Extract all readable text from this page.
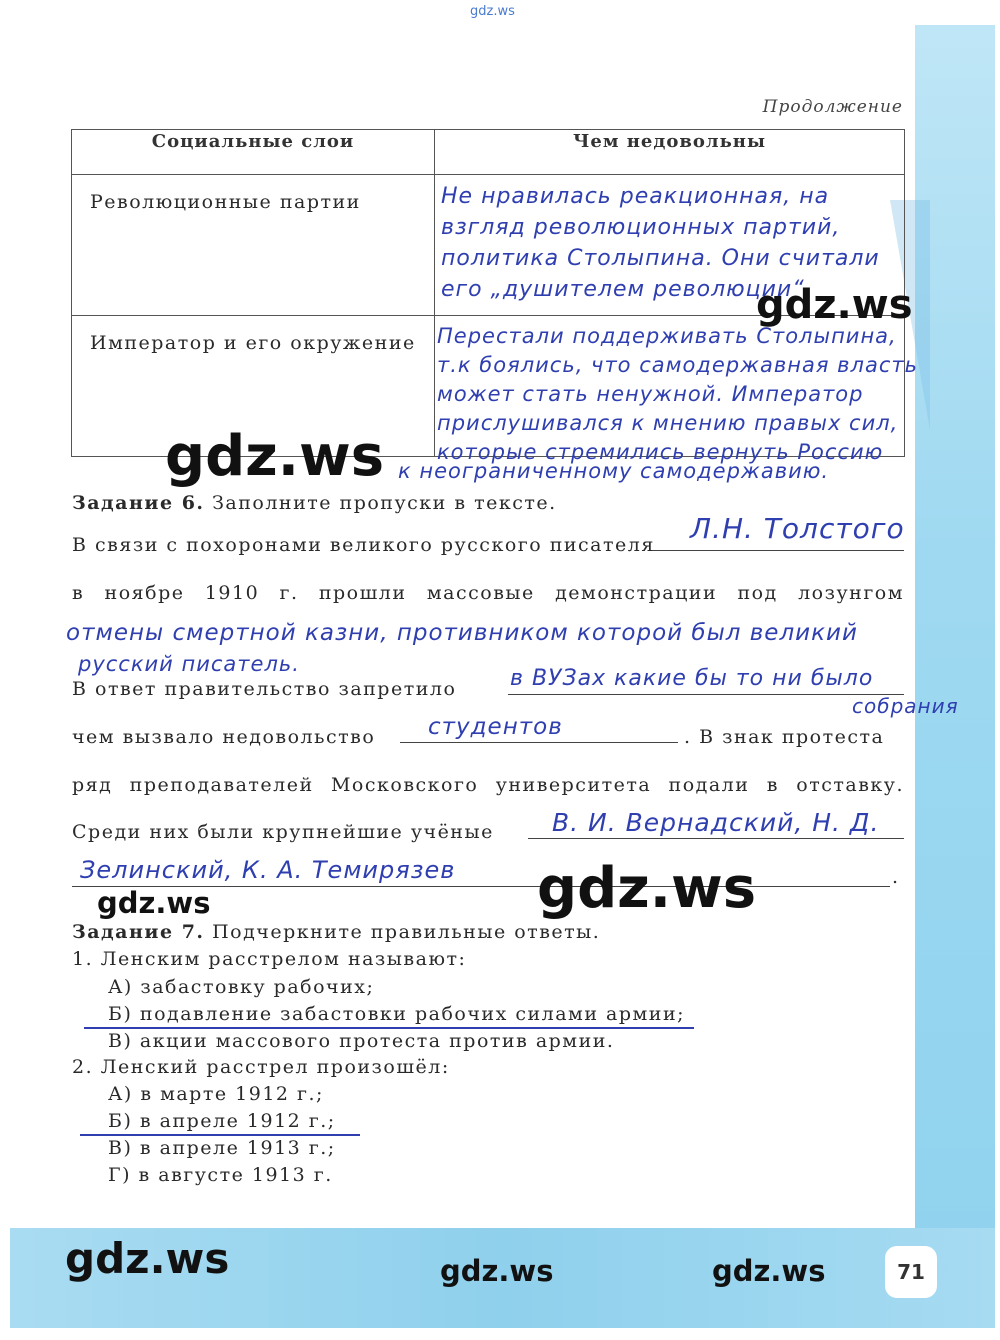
gdz.ws
Продолжение
Социальные слои	Чем недовольны
Революционные партии	Не нравилась реакционная, на взгляд революционных партий, политика Столыпина. Они считали его „душителем революции“

Император и его окружение	Перестали поддерживать Столыпина, т.к боялись, что самодержавная власть может стать ненужной. Император прислушивался к мнению правых сил, которые стремились вернуть Россию
к неограниченному самодержавию.
Задание 6. Заполните пропуски в тексте.
В связи с похоронами великого русского писателя Л.Н. Толстого
в ноябре 1910 г. прошли массовые демонстрации под лозунгом
отмены смертной казни, противником которой был великий
русский писатель.
В ответ правительство запретило в ВУЗах какие бы то ни было
собрания
чем вызвало недовольство студентов	. В знак протеста
ряд преподавателей Московского университета подали в отставку.
Среди них были крупнейшие учёные В. И. Вернадский, Н. Д.
Зелинский, К. А. Темирязев	.
Задание 7. Подчеркните правильные ответы.
1. Ленским расстрелом называют:
А) забастовку рабочих;
Б) подавление забастовки рабочих силами армии;
В) акции массового протеста против армии.
2. Ленский расстрел произошёл:
А) в марте 1912 г.;
Б) в апреле 1912 г.;
В) в апреле 1913 г.;
Г) в августе 1913 г.
gdz.ws
gdz.ws
gdz.ws
gdz.ws
gdz.ws	gdz.ws	gdz.ws	71
